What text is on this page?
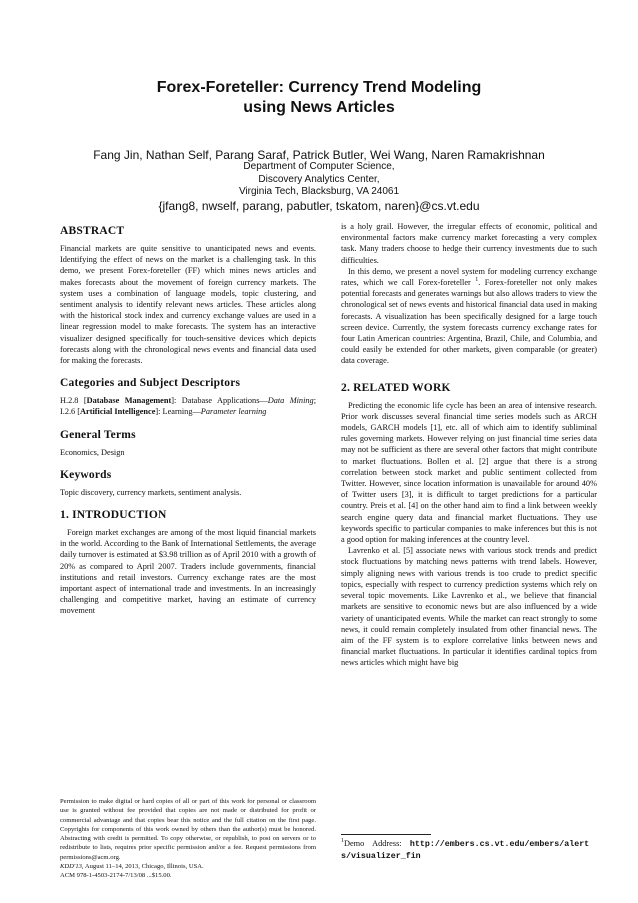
Forex-Foreteller: Currency Trend Modeling
using News Articles
Fang Jin, Nathan Self, Parang Saraf, Patrick Butler, Wei Wang, Naren Ramakrishnan
Department of Computer Science,
Discovery Analytics Center,
Virginia Tech, Blacksburg, VA 24061
{jfang8, nwself, parang, pabutler, tskatom, naren}@cs.vt.edu
ABSTRACT

Financial markets are quite sensitive to unanticipated news and events. Identifying the effect of news on the market is a challenging task. In this demo, we present Forex-foreteller (FF) which mines news articles and makes forecasts about the movement of foreign currency markets. The system uses a combination of language models, topic clustering, and sentiment analysis to identify relevant news articles. These articles along with the historical stock index and currency exchange values are used in a linear regression model to make forecasts. The system has an interactive visualizer designed specifically for touch-sensitive devices which depicts forecasts along with the chronological news events and financial data used for making the forecasts.

Categories and Subject Descriptors

H.2.8 [Database Management]: Database Applications—Data Mining; I.2.6 [Artificial Intelligence]: Learning—Parameter learning

General Terms

Economics, Design

Keywords

Topic discovery, currency markets, sentiment analysis.

1. INTRODUCTION

Foreign market exchanges are among of the most liquid financial markets in the world. According to the Bank of International Settlements, the average daily turnover is estimated at $3.98 trillion as of April 2010 with a growth of 20% as compared to April 2007. Traders include governments, financial institutions and retail investors. Currency exchange rates are the most important aspect of international trade and investments. In an increasingly challenging and competitive market, having an estimate of currency movement

Permission to make digital or hard copies of all or part of this work for personal or classroom use is granted without fee provided that copies are not made or distributed for profit or commercial advantage and that copies bear this notice and the full citation on the first page. Copyrights for components of this work owned by others than the author(s) must be honored. Abstracting with credit is permitted. To copy otherwise, or republish, to post on servers or to redistribute to lists, requires prior specific permission and/or a fee. Request permissions from permissions@acm.org.
KDD'13, August 11–14, 2013, Chicago, Illinois, USA.
ACM 978-1-4503-2174-7/13/08 ...$15.00.

is a holy grail. However, the irregular effects of economic, political and environmental factors make currency market forecasting a very complex task. Many traders choose to hedge their currency investments due to such difficulties.

In this demo, we present a novel system for modeling currency exchange rates, which we call Forex-foreteller $^1$. Forex-foreteller not only makes potential forecasts and generates warnings but also allows traders to view the chronological set of news events and historical financial data used in making forecasts. A visualization has been specifically designed for a large touch screen device. Currently, the system forecasts currency exchange rates for four Latin American countries: Argentina, Brazil, Chile, and Columbia, and could easily be extended for other markets, given comparable (or greater) data coverage.

2. RELATED WORK

Predicting the economic life cycle has been an area of intensive research. Prior work discusses several financial time series models such as ARCH models, GARCH models [1], etc. all of which aim to identify subliminal rules governing markets. However relying on just financial time series data may not be sufficient as there are several other factors that might contribute to market fluctuations. Bollen et al. [2] argue that there is a strong correlation between stock market and public sentiment collected from Twitter. However, since location information is unavailable for around 40% of Twitter users [3], it is difficult to target predictions for a particular country. Preis et al. [4] on the other hand aim to find a link between weekly search engine query data and financial market fluctuations. They use keywords specific to particular companies to make inferences but this is not a good option for making inferences at the country level.

Lavrenko et al. [5] associate news with various stock trends and predict stock fluctuations by matching news patterns with trend labels. However, simply aligning news with various trends is too crude to predict specific topics, especially with respect to currency prediction systems which rely on several topic movements. Like Lavrenko et al., we believe that financial markets are sensitive to economic news but are also influenced by a wide variety of unanticipated events. While the market can react strongly to some news, it could remain completely insulated from other financial news. The aim of the FF system is to explore correlative links between news and financial market fluctuations. In particular it identifies cardinal topics from news articles which might have big

$^1$Demo    Address:    http://embers.cs.vt.edu/embers/alerts/visualizer_fin
